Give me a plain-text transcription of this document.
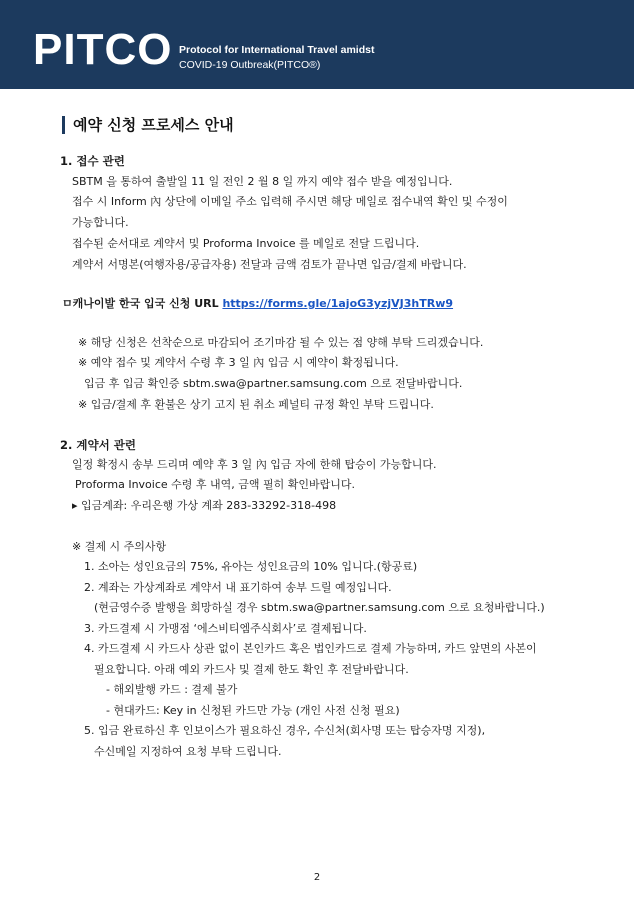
PITCO Protocol for International Travel amidst
COVID-19 Outbreak(PITCO®)
예약 신청 프로세스 안내
1. 접수 관련
SBTM 을 통하여 출발일 11 일 전인 2 월 8 일 까지 예약 접수 받을 예정입니다.
접수 시 Inform 內 상단에 이메일 주소 입력해 주시면 해당 메일로 접수내역 확인 및 수정이
가능합니다.
접수된 순서대로 계약서 및 Proforma Invoice 를 메일로 전달 드립니다.
계약서 서명본(여행자용/공급자용) 전달과 금액 검토가 끝나면 입금/결제 바랍니다.
ㅁ캐나이발 한국 입국 신청 URL https://forms.gle/1ajoG3yzjVJ3hTRw9
※ 해당 신청은 선착순으로 마감되어 조기마감 될 수 있는 점 양해 부탁 드리겠습니다.
※ 예약 접수 및 계약서 수령 후 3 일 內 입금 시 예약이 확정됩니다.
입금 후 입금 확인증 sbtm.swa@partner.samsung.com 으로 전달바랍니다.
※ 입금/결제 후 환불은 상기 고지 된 취소 페널티 규정 확인 부탁 드립니다.
2. 계약서 관련
일정 확정시 송부 드리며 예약 후 3 일 內 입금 자에 한해 탑승이 가능합니다.
Proforma Invoice 수령 후 내역, 금액 필히 확인바랍니다.
▸ 입금계좌: 우리은행 가상 계좌 283-33292-318-498
※ 결제 시 주의사항
1. 소아는 성인요금의 75%, 유아는 성인요금의 10% 입니다.(항공료)
2. 계좌는 가상계좌로 계약서 내 표기하여 송부 드릴 예정입니다.
(현금영수증 발행을 희망하실 경우 sbtm.swa@partner.samsung.com 으로 요청바랍니다.)
3. 카드결제 시 가맹점 ‘에스비티엠주식회사’로 결제됩니다.
4. 카드결제 시 카드사 상관 없이 본인카드 혹은 법인카드로 결제 가능하며, 카드 앞면의 사본이
필요합니다. 아래 예외 카드사 및 결제 한도 확인 후 전달바랍니다.
- 해외발행 카드 : 결제 불가
- 현대카드: Key in 신청된 카드만 가능 (개인 사전 신청 필요)
5. 입금 완료하신 후 인보이스가 필요하신 경우, 수신처(회사명 또는 탑승자명 지정),
수신메일 지정하여 요청 부탁 드립니다.
2
